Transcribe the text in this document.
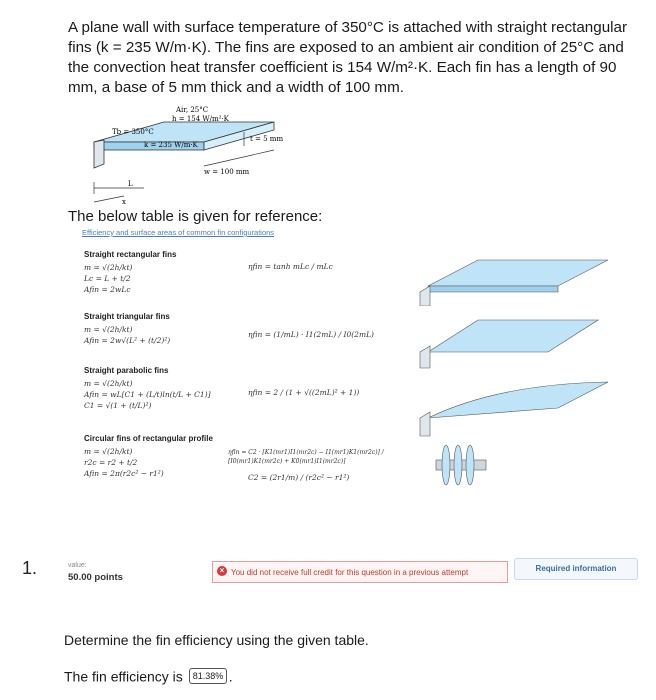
A plane wall with surface temperature of 350°C is attached with straight rectangular fins (k = 235 W/m·K). The fins are exposed to an ambient air condition of 25°C and the convection heat transfer coefficient is 154 W/m²·K. Each fin has a length of 90 mm, a base of 5 mm thick and a width of 100 mm.
Air, 25°C
h = 154 W/m²·K
Tb = 350°C
k = 235 W/m·K
t = 5 mm
w = 100 mm
L
x
The below table is given for reference:
Efficiency and surface areas of common fin configurations
Straight rectangular fins
m = √(2h/kt)
Lc = L + t/2
Afin = 2wLc
ηfin = tanh mLc / mLc
Straight triangular fins
m = √(2h/kt)
Afin = 2w√(L² + (t/2)²)
ηfin = (1/mL) · I1(2mL) / I0(2mL)
Straight parabolic fins
m = √(2h/kt)
Afin = wL[C1 + (L/t)ln(t/L + C1)]
C1 = √(1 + (t/L)²)
ηfin = 2 / (1 + √((2mL)² + 1))
Circular fins of rectangular profile
m = √(2h/kt)
r2c = r2 + t/2
Afin = 2π(r2c² − r1²)
ηfin = C2 · [K1(mr1)I1(mr2c) − I1(mr1)K1(mr2c)] / [I0(mr1)K1(mr2c) + K0(mr1)I1(mr2c)]
C2 = (2r1/m) / (r2c² − r1²)
1.	value:
50.00 points
× You did not receive full credit for this question in a previous attempt	Required information
Determine the fin efficiency using the given table.
The fin efficiency is 81.38% .
